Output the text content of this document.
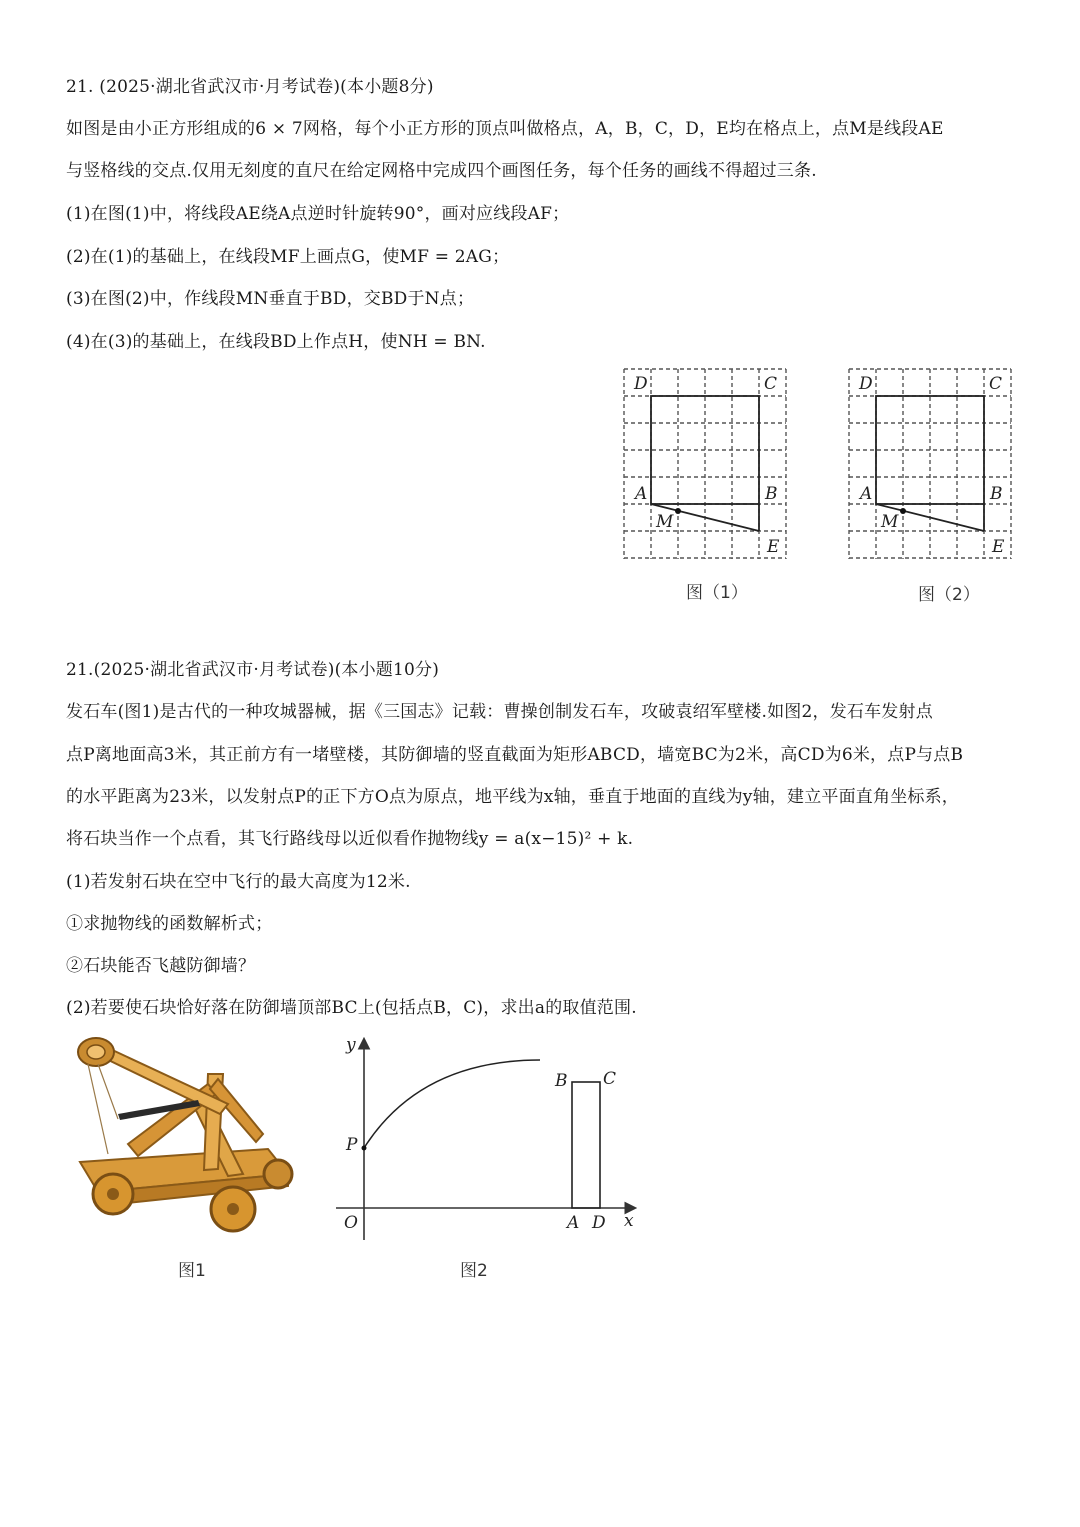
21. (2025·湖北省武汉市·月考试卷)(本小题8分)

如图是由小正方形组成的6 × 7网格，每个小正方形的顶点叫做格点，A，B，C，D，E均在格点上，点M是线段AE

与竖格线的交点.仅用无刻度的直尺在给定网格中完成四个画图任务，每个任务的画线不得超过三条.

(1)在图(1)中，将线段AE绕A点逆时针旋转90°，画对应线段AF；

(2)在(1)的基础上，在线段MF上画点G，使MF = 2AG；

(3)在图(2)中，作线段MN垂直于BD，交BD于N点；

(4)在(3)的基础上，在线段BD上作点H，使NH = BN.

D	C
A	B
M
E
图（1）
D	C
A	B
M
E
图（2）

21.(2025·湖北省武汉市·月考试卷)(本小题10分)

发石车(图1)是古代的一种攻城器械，据《三国志》记载：曹操创制发石车，攻破袁绍军壁楼.如图2，发石车发射点

点P离地面高3米，其正前方有一堵壁楼，其防御墙的竖直截面为矩形ABCD，墙宽BC为2米，高CD为6米，点P与点B

的水平距离为23米，以发射点P的正下方O点为原点，地平线为x轴，垂直于地面的直线为y轴，建立平面直角坐标系，

将石块当作一个点看，其飞行路线母以近似看作抛物线y = a(x−15)² + k.

(1)若发射石块在空中飞行的最大高度为12米.

①求抛物线的函数解析式；

②石块能否飞越防御墙？

(2)若要使石块恰好落在防御墙顶部BC上(包括点B，C)，求出a的取值范围.

图1
y
x
O
P
A D
B C
图2
